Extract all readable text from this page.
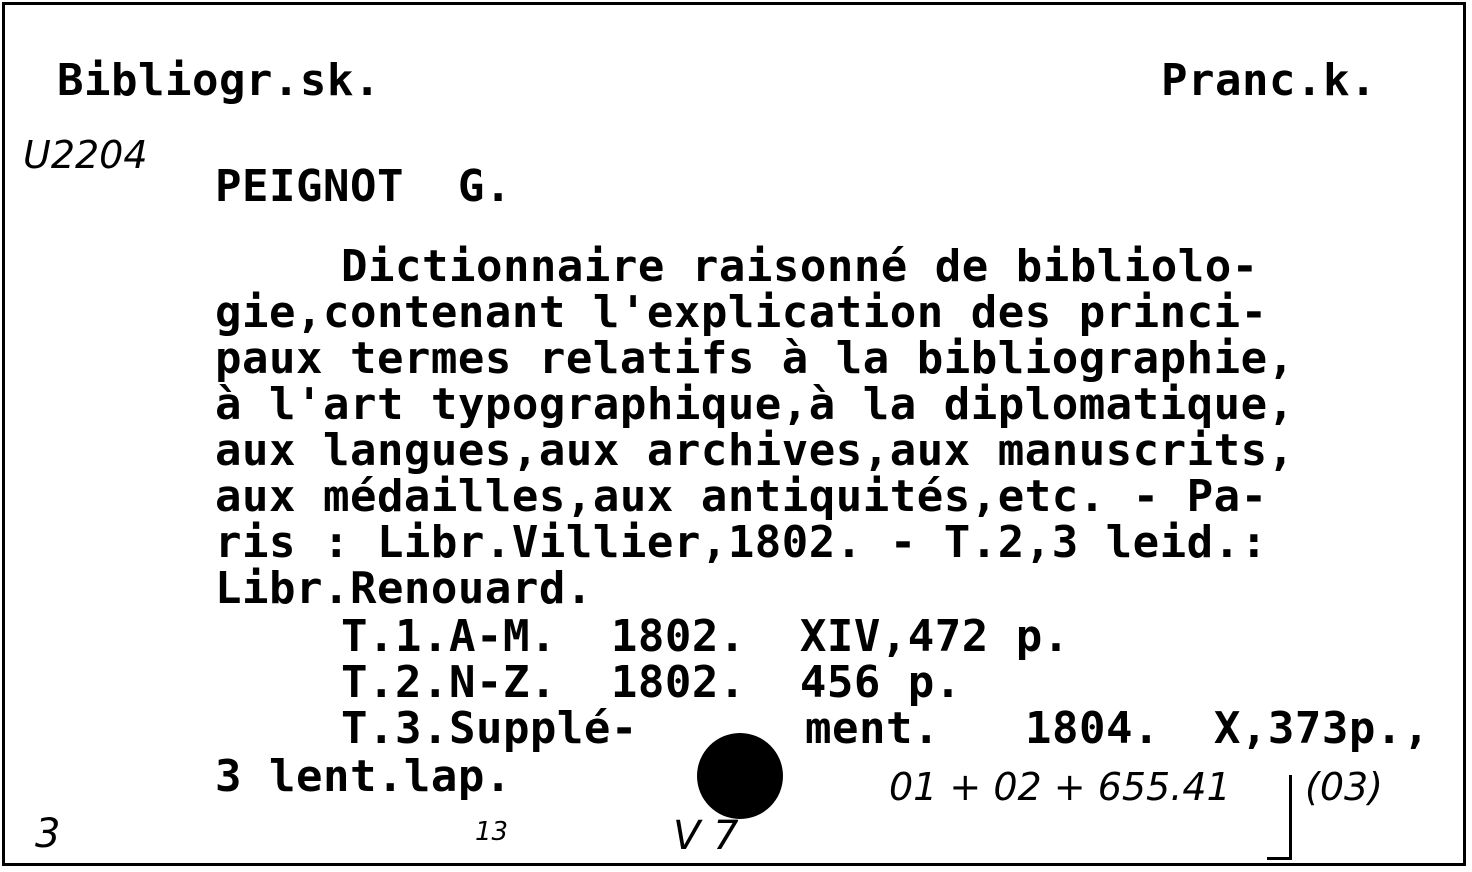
Bibliogr.sk.	Pranc.k.
U2204
PEIGNOT  G.
Dictionnaire raisonné de bibliolo-
gie,contenant l'explication des princi-
paux termes relatifs à la bibliographie,
à l'art typographique,à la diplomatique,
aux langues,aux archives,aux manuscrits,
aux médailles,aux antiquités,etc. - Pa-
ris : Libr.Villier,1802. - T.2,3 leid.:
Libr.Renouard.
T.1.A-M.  1802.  XIV,472 p.
T.2.N-Z.  1802.  456 p.
T.3.Supplé-	ment. 1804.  X,373p.,
3 lent.lap.	01 + 02 + 655.41 (03)
3	13	V 7
